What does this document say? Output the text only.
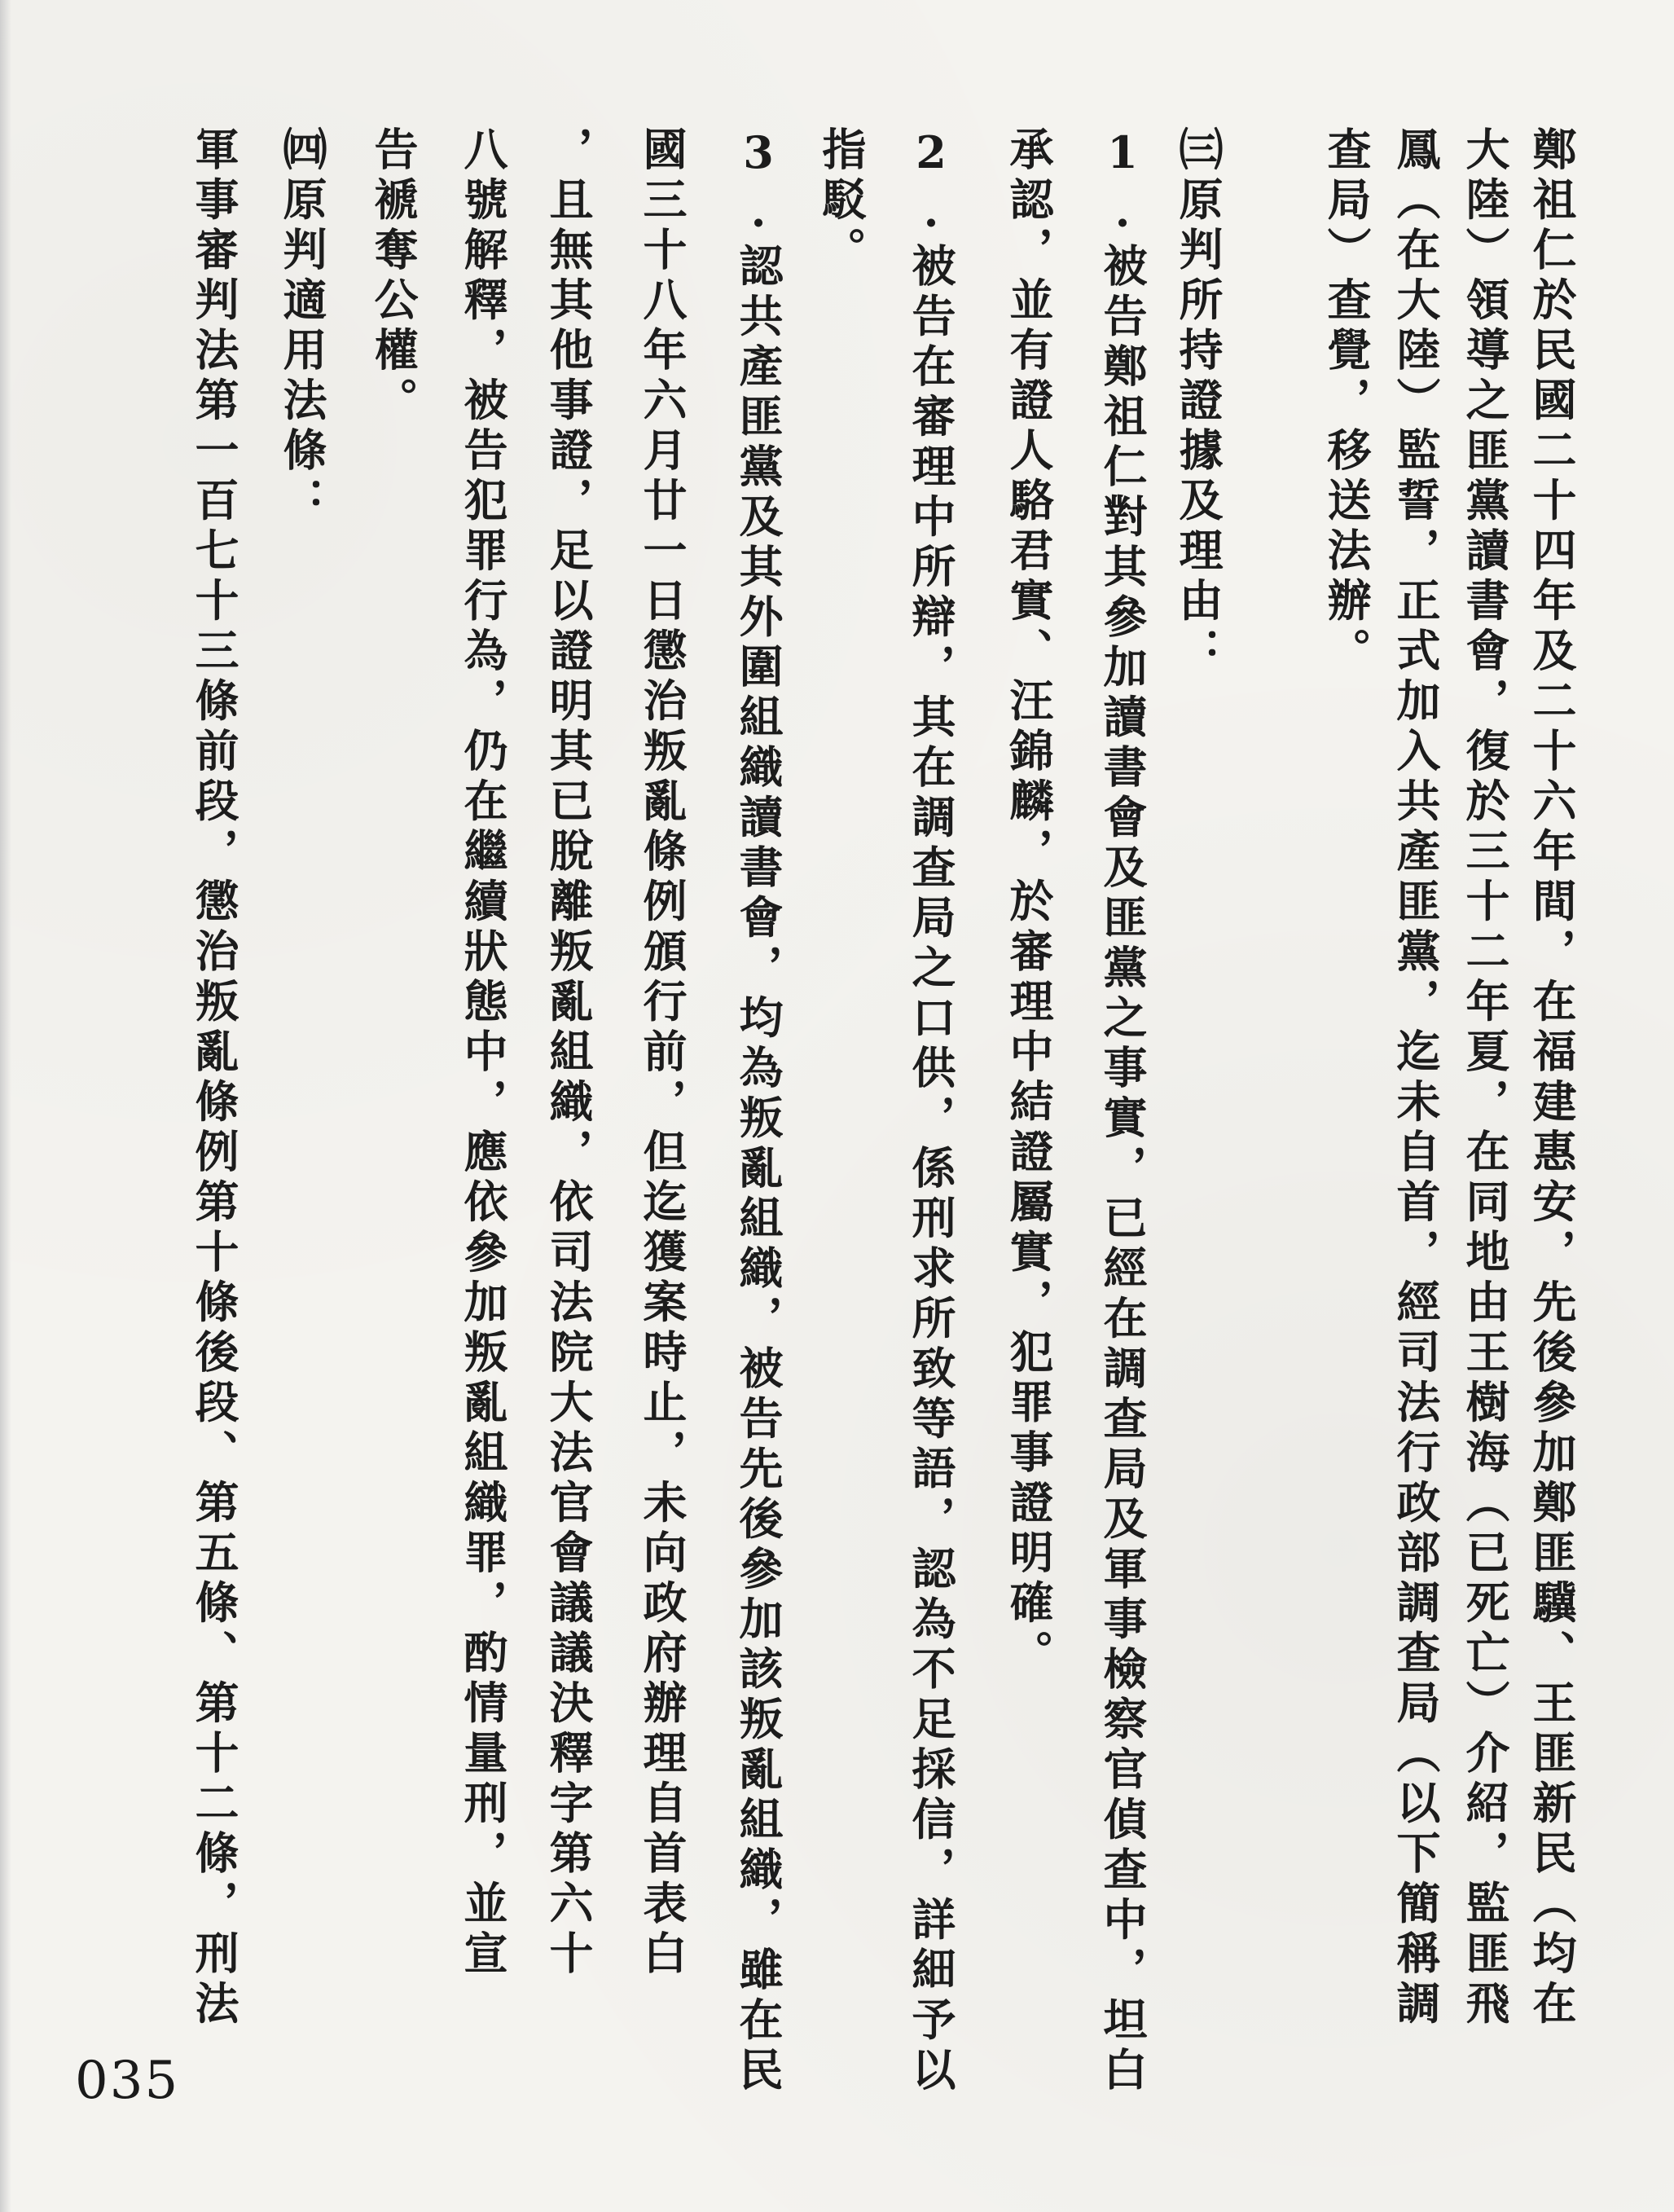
鄭祖仁於民國二十四年及二十六年間，在福建惠安，先後參加鄭匪驥、王匪新民（均在
大陸）領導之匪黨讀書會，復於三十二年夏，在同地由王樹海（已死亡）介紹，監匪飛
鳳（在大陸）監誓，正式加入共產匪黨，迄未自首，經司法行政部調查局（以下簡稱調
查局）查覺，移送法辦。
㈢原判所持證據及理由：
1.被告鄭祖仁對其參加讀書會及匪黨之事實，已經在調查局及軍事檢察官偵查中，坦白
承認，並有證人駱君實、汪錦麟，於審理中結證屬實，犯罪事證明確。
2.被告在審理中所辯，其在調查局之口供，係刑求所致等語，認為不足採信，詳細予以
指駁。
3.認共產匪黨及其外圍組織讀書會，均為叛亂組織，被告先後參加該叛亂組織，雖在民
國三十八年六月廿一日懲治叛亂條例頒行前，但迄獲案時止，未向政府辦理自首表白
，且無其他事證，足以證明其已脫離叛亂組織，依司法院大法官會議議決釋字第六十
八號解釋，被告犯罪行為，仍在繼續狀態中，應依參加叛亂組織罪，酌情量刑，並宣
告褫奪公權。
㈣原判適用法條：
軍事審判法第一百七十三條前段，懲治叛亂條例第十條後段、第五條、第十二條，刑法
035
